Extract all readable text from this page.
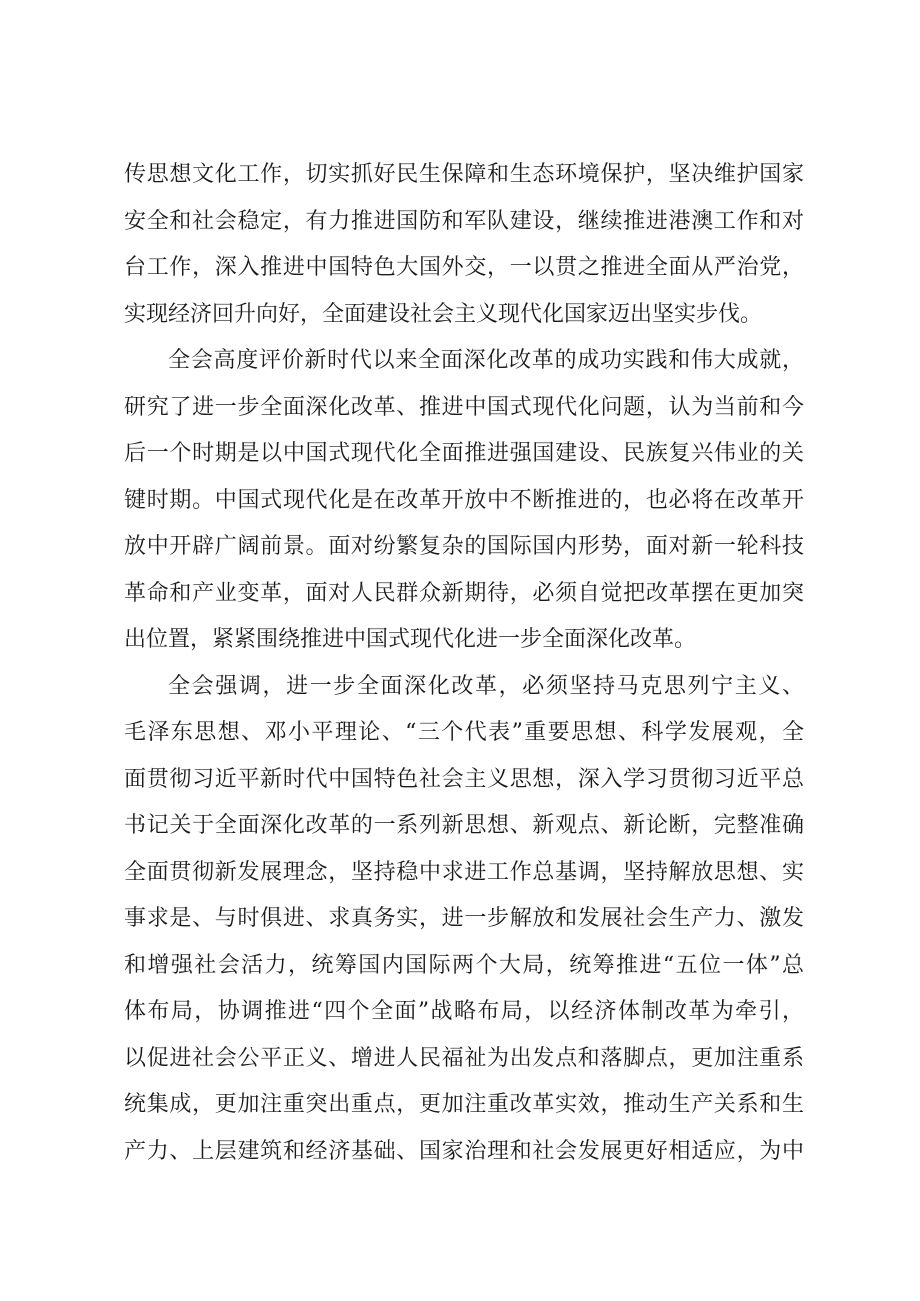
传思想文化工作，切实抓好民生保障和生态环境保护，坚决维护国家
安全和社会稳定，有力推进国防和军队建设，继续推进港澳工作和对
台工作，深入推进中国特色大国外交，一以贯之推进全面从严治党，
实现经济回升向好，全面建设社会主义现代化国家迈出坚实步伐。
全会高度评价新时代以来全面深化改革的成功实践和伟大成就，
研究了进一步全面深化改革、推进中国式现代化问题，认为当前和今
后一个时期是以中国式现代化全面推进强国建设、民族复兴伟业的关
键时期。中国式现代化是在改革开放中不断推进的，也必将在改革开
放中开辟广阔前景。面对纷繁复杂的国际国内形势，面对新一轮科技
革命和产业变革，面对人民群众新期待，必须自觉把改革摆在更加突
出位置，紧紧围绕推进中国式现代化进一步全面深化改革。
全会强调，进一步全面深化改革，必须坚持马克思列宁主义、
毛泽东思想、邓小平理论、“三个代表”重要思想、科学发展观，全
面贯彻习近平新时代中国特色社会主义思想，深入学习贯彻习近平总
书记关于全面深化改革的一系列新思想、新观点、新论断，完整准确
全面贯彻新发展理念，坚持稳中求进工作总基调，坚持解放思想、实
事求是、与时俱进、求真务实，进一步解放和发展社会生产力、激发
和增强社会活力，统筹国内国际两个大局，统筹推进“五位一体”总
体布局，协调推进“四个全面”战略布局，以经济体制改革为牵引，
以促进社会公平正义、增进人民福祉为出发点和落脚点，更加注重系
统集成，更加注重突出重点，更加注重改革实效，推动生产关系和生
产力、上层建筑和经济基础、国家治理和社会发展更好相适应，为中
